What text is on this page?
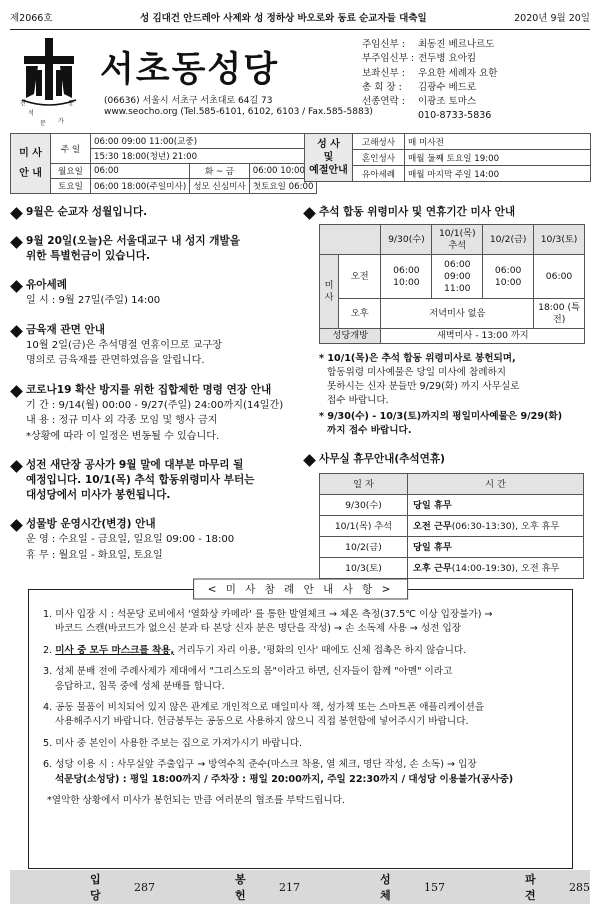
제2066호	성 김대건 안드레아 사제와 성 정하상 바오로와 동료 순교자들 대축일	2020년 9월 20일
전
석
통
문 가
서초동성당
(06636) 서울시 서초구 서초대로 64길 73
www.seocho.org (Tel.585-6101, 6102, 6103 / Fax.585-5883)
주임신부 :	최동진 베르나르도
부주임신부 : 전두병 요아킴
보좌신부 :	우요한 세례자 요한
총 회 장 :	김광수 베드로
선종연락 :	이광조 토마스
010-8733-5836
미 사
안 내	주 일	06:00 09:00 11:00(교중)		
		15:30 18:00(청년) 21:00		
	월요일	06:00	화 ~ 금	06:00 10:00
	토요일	06:00 18:00(주일미사)	성모 신심미사	첫토요일 06:00
성 사
및
예절안내	고해성사	매 미사전
	혼인성사	매월 둘째 토요일 19:00
	유아세례	매월 마지막 주일 14:00
9월은 순교자 성월입니다.
9월 20일(오늘)은 서울대교구 내 성지 개발을
위한 특별헌금이 있습니다.
유아세례

일 시 : 9월 27일(주일) 14:00

금육재 관면 안내

10월 2일(금)은 추석명절 연휴이므로 교구장
명의로 금육재를 관면하였음을 알립니다.

코로나19 확산 방지를 위한 집합제한 명령 연장 안내

기 간 : 9/14(월) 00:00 - 9/27(주일) 24:00까지(14일간)
내 용 : 정규 미사 외 각종 모임 및 행사 금지
*상황에 따라 이 일정은 변동될 수 있습니다.

성전 새단장 공사가 9월 말에 대부분 마무리 될
예정입니다. 10/1(목) 추석 합동위령미사 부터는
대성당에서 미사가 봉헌됩니다.
성물방 운영시간(변경) 안내

운 영 : 수요일 - 금요일, 일요일 09:00 - 18:00
휴 무 : 월요일 - 화요일, 토요일

추석 합동 위령미사 및 연휴기간 미사 안내
		9/30(수)	10/1(목) 추석	10/2(금)	10/3(토)
미 사	오전	06:00 10:00	06:00 09:00 11:00	06:00 10:00	06:00
	오후	저녁미사 없음			18:00 (특전)
성당개방		새벽미사 - 13:00 까지			
* 10/1(목)은 추석 합동 위령미사로 봉헌되며,
합동위령 미사예물은 당일 미사에 참례하지
못하시는 신자 분들만 9/29(화) 까지 사무실로
접수 바랍니다.
* 9/30(수) - 10/3(토)까지의 평일미사예물은 9/29(화)
까지 접수 바랍니다.
사무실 휴무안내(추석연휴)
일 자	시 간
9/30(수)	당일 휴무
10/1(목) 추석	오전 근무(06:30-13:30), 오후 휴무
10/2(금)	당일 휴무
10/3(토)	오후 근무(14:00-19:30), 오전 휴무
< 미 사 참 례 안 내 사 항 >
1. 미사 입장 시 : 석문당 로비에서 '열화상 카메라' 를 통한 발열체크 → 체온 측정(37.5℃ 이상 입장불가) →
바코드 스캔(바코드가 없으신 분과 타 본당 신자 분은 명단을 작성) → 손 소독제 사용 → 성전 입장
2. 미사 중 모두 마스크를 착용, 거리두기 자리 이용, '평화의 인사' 때에도 신체 접촉은 하지 않습니다.
3. 성체 분배 전에 주례사제가 제대에서 "그리스도의 몸"이라고 하면, 신자들이 함께 "아멘" 이라고
응답하고, 침묵 중에 성체 분배를 합니다.
4. 공동 물품이 비치되어 있지 않은 관계로 개인적으로 매일미사 책, 성가책 또는 스마트폰 애플리케이션을
사용해주시기 바랍니다. 헌금봉투는 공동으로 사용하지 않으니 직접 봉헌함에 넣어주시기 바랍니다.
5. 미사 중 본인이 사용한 주보는 집으로 가져가시기 바랍니다.
6. 성당 이용 시 : 사무실앞 주출입구 → 방역수칙 준수(마스크 착용, 열 체크, 명단 작성, 손 소독) → 입장
석문당(소성당) : 평일 18:00까지 / 주차장 : 평일 20:00까지, 주일 22:30까지 / 대성당 이용불가(공사중)
*열악한 상황에서 미사가 봉헌되는 만큼 여러분의 협조를 부탁드립니다.
입당
287
봉헌
217
성체
157
파견
285
